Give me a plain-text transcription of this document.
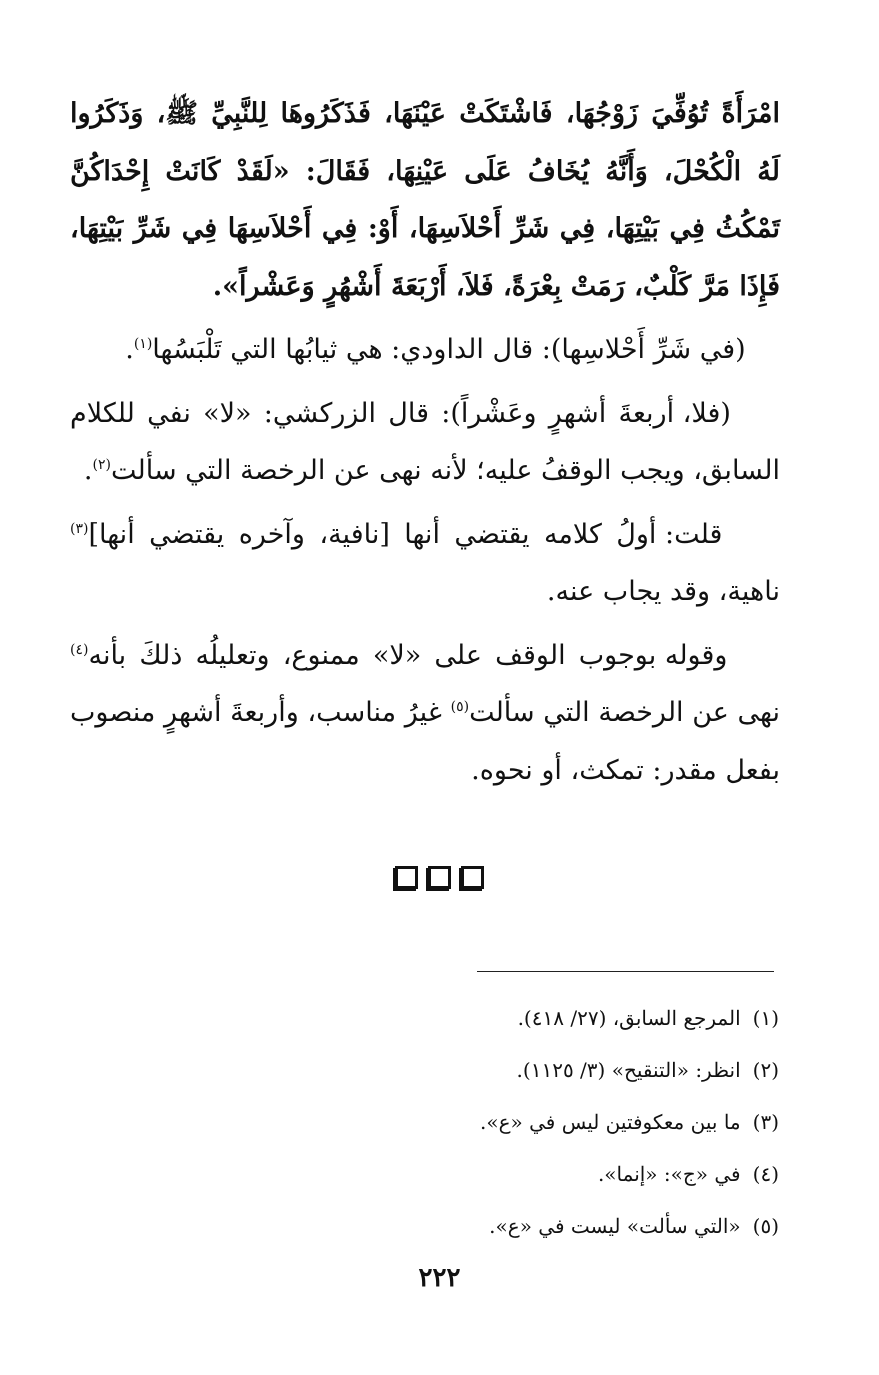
امْرَأَةً تُوُفِّيَ زَوْجُهَا، فَاشْتَكَتْ عَيْنَهَا، فَذَكَرُوهَا لِلنَّبِيِّ ﷺ، وَذَكَرُوا لَهُ الْكُحْلَ، وَأَنَّهُ يُخَافُ عَلَى عَيْنِهَا، فَقَالَ: «لَقَدْ كَانَتْ إِحْدَاكُنَّ تَمْكُثُ فِي بَيْتِهَا، فِي شَرِّ أَحْلاَسِهَا، أَوْ: فِي أَحْلاَسِهَا فِي شَرِّ بَيْتِهَا، فَإِذَا مَرَّ كَلْبٌ، رَمَتْ بِعْرَةً، فَلاَ، أَرْبَعَةَ أَشْهُرٍ وَعَشْراً».

(في شَرِّ أَحْلاسِها): قال الداودي: هي ثيابُها التي تَلْبَسُها$^{(١)}$.

(فلا، أربعةَ أشهرٍ وعَشْراً): قال الزركشي: «لا» نفي للكلام السابق، ويجب الوقفُ عليه؛ لأنه نهى عن الرخصة التي سألت$^{(٢)}$.

قلت: أولُ كلامه يقتضي أنها [نافية، وآخره يقتضي أنها]$^{(٣)}$ ناهية، وقد يجاب عنه.

وقوله بوجوب الوقف على «لا» ممنوع، وتعليلُه ذلكَ بأنه$^{(٤)}$ نهى عن الرخصة التي سألت$^{(٥)}$ غيرُ مناسب، وأربعةَ أشهرٍ منصوب بفعل مقدر: تمكث، أو نحوه.

(١)المرجع السابق، (٢٧/ ٤١٨).

(٢)انظر: «التنقيح» (٣/ ١١٢٥).

(٣)ما بين معكوفتين ليس في «ع».

(٤)في «ج»: «إنما».

(٥)«التي سألت» ليست في «ع».

٢٢٢
